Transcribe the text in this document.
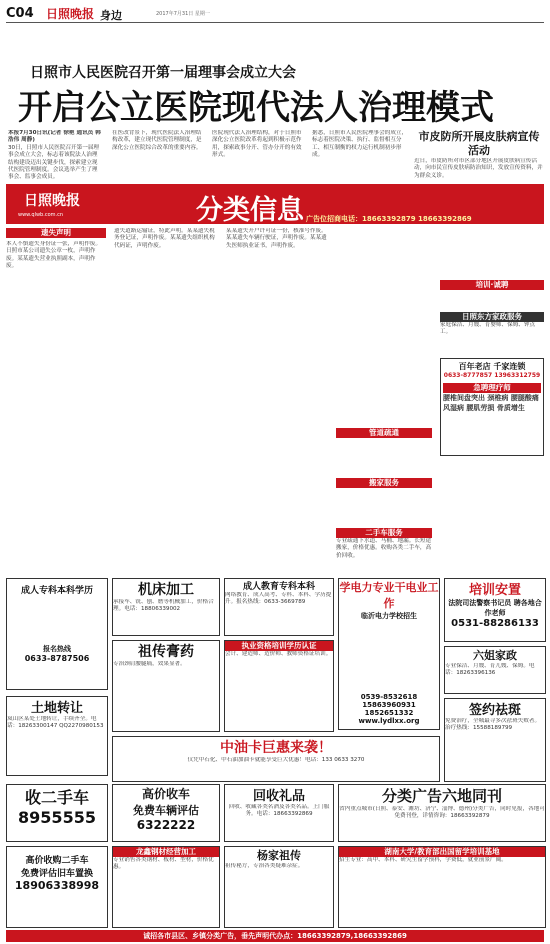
C04 日照晚报 身边	2017年7月31日 星期一
日照市人民医院召开第一届理事会成立大会
开启公立医院现代法人治理模式
本报7月30日讯(记者 徐艳 通讯员 韩浩伟 周静)
30日，日照市人民医院召开第一届理事会成立大会，标志着该院法人治理结构建设迈出关键步伐，探索建立现代医院管理制度。会议选举产生了理事会、监事会成员。
在医改背景下，现代医院法人治理结构改革，建立现代医院管理制度，是深化公立医院综合改革的重要内容。
医院现代法人治理结构，对于日照市深化公立医院改革将起到积极示范作用，探索政事分开、管办分开的有效形式。
据悉，日照市人民医院理事会的成立，标志着医院决策、执行、监督相互分工、相互制衡的权力运行机制初步形成。
市皮防所开展皮肤病宣传活动
近日，市皮防所对市区部分地区开展皮肤病宣传活动，向市民宣传皮肤病防治知识，发放宣传资料，并为群众义诊。
日照晚报
www.qlwb.com.cn	分类信息 广告位招商电话：18663392879 18663392869
遗失声明
本人不慎遗失身份证一张，声明作废。日照市某公司遗失公章一枚，声明作废。某某遗失营业执照副本，声明作废。
遗失道路运输证，特此声明。某某遗失税务登记证，声明作废。某某遗失组织机构代码证，声明作废。
某某遗失开户许可证一份，核准号作废。某某遗失车辆行驶证，声明作废。某某遗失医师执业证书，声明作废。
管道疏通
搬家服务
二手车服务
专业疏通下水道、马桶、地漏。长短途搬家，价格优惠。收购各类二手车，高价回收。
培训·诚聘
日照东方家政服务
家庭保洁、月嫂、育婴师、保姆、钟点工。
百年老店 千家连锁
0633-8777857 13963312759
急聘理疗师
腰椎间盘突出 颈椎病 腰腿酸痛 风湿病 腰肌劳损 骨质增生
成人专科本科学历
报名热线
0633-8787506
机床加工
承接车、铣、刨、磨等机械加工，价格合理。电话：18806339002
成人教育专科本科
网络教育、成人高考、专科、本科、学历提升。报名热线：0633-3669789
学电力专业干电业工作
临沂电力学校招生
0539-8532618
15863960931
1852651332
www.lydlxx.org
培训安置
法院司法警察书记员 聘各地合作老师
0531-88286133
六姐家政
专业保洁、月嫂、育儿嫂、保姆。电话：18263396136
祖传膏药
专治颈肩腰腿痛，效果显著。
执业资格培训学历认证
会计、建造师、造价师、教师资格证培训。
土地转让
岚山区某处土地转让，手续齐全。电话：18263300147 QQ2270980153
中油卡巨惠来袭！
仅凭中石化、中石油加油卡就能享受巨大优惠！电话：133 0633 3270
签约祛斑
免费治疗，全城最寻多次祛斑失败者。治疗热线：15588189799
收二手车
8955555
高价收车
免费车辆评估
6322222
回收礼品
回收、收藏各类名酒及各类名品。上门服务。电话：18663392869
分类广告六地同刊
省内重点城市(日照、泰安、潍坊、济宁、淄博、德州)分类广告，同时见报，各地可免费刊登，详情咨询：18663392879
高价收购二手车
免费评估旧车置换
18906338998
龙鑫钢材经营加工
专业销售各类钢材、板材、型材，价格优惠。
杨家祖传
祖传秘方，专治各类疑难杂症。
湖南大学/教育部出国留学培训基地
招生专业：高中、本科、研究生留学预科，学费低，就业前景广阔。
诚招各市县区、乡镇分类广告，垂先声明代办点：18663392879,18663392869
